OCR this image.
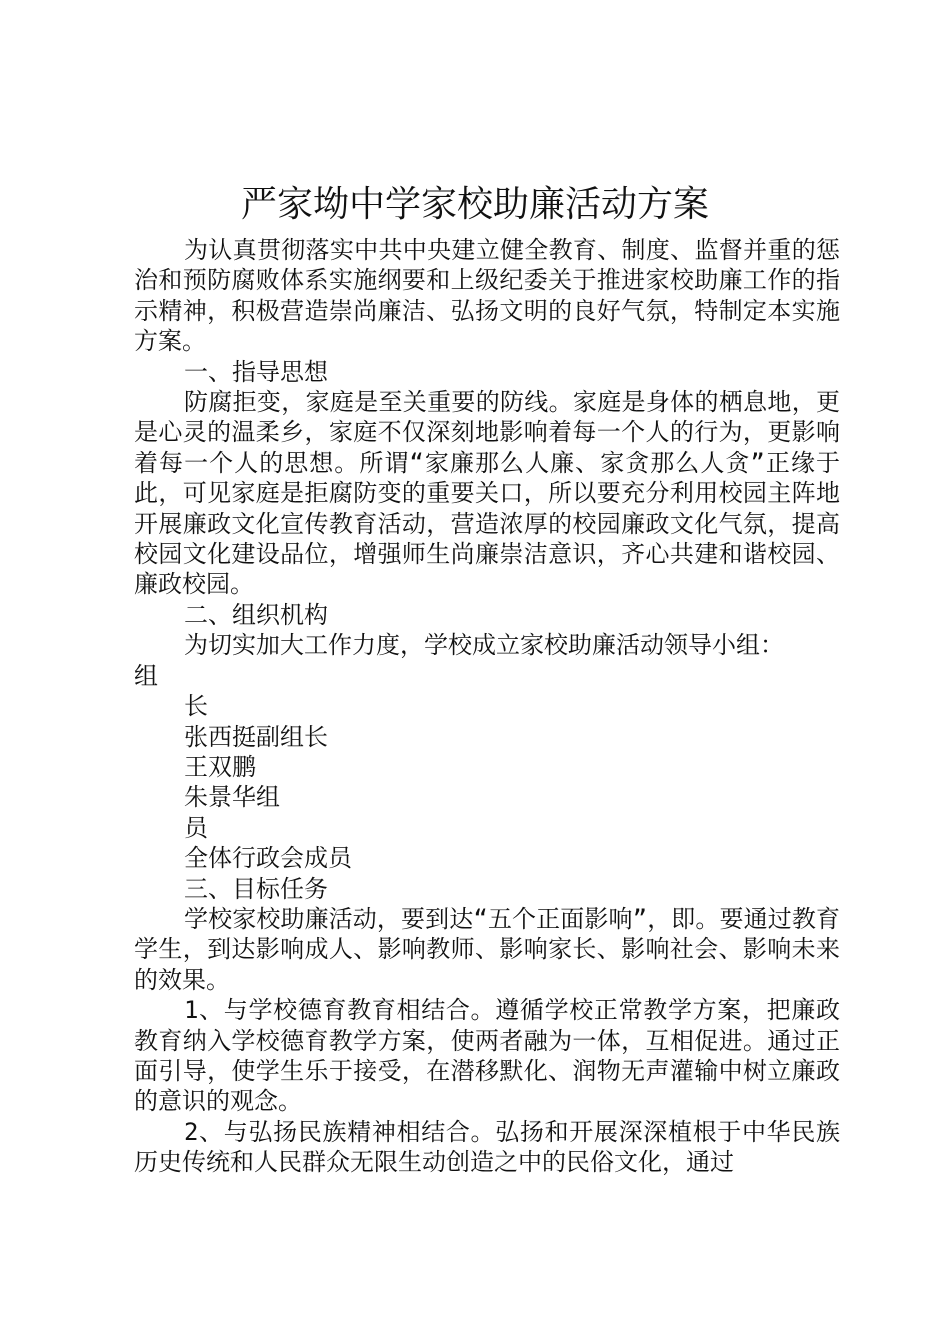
严家坳中学家校助廉活动方案

为认真贯彻落实中共中央建立健全教育、制度、监督并重的惩治和预防腐败体系实施纲要和上级纪委关于推进家校助廉工作的指示精神，积极营造崇尚廉洁、弘扬文明的良好气氛，特制定本实施方案。

一、指导思想

防腐拒变，家庭是至关重要的防线。家庭是身体的栖息地，更是心灵的温柔乡，家庭不仅深刻地影响着每一个人的行为，更影响着每一个人的思想。所谓“家廉那么人廉、家贪那么人贪”正缘于此，可见家庭是拒腐防变的重要关口，所以要充分利用校园主阵地开展廉政文化宣传教育活动，营造浓厚的校园廉政文化气氛，提高校园文化建设品位，增强师生尚廉崇洁意识，齐心共建和谐校园、廉政校园。

二、组织机构

为切实加大工作力度，学校成立家校助廉活动领导小组：

组

长

张西挺副组长

王双鹏

朱景华组

员

全体行政会成员

三、目标任务

学校家校助廉活动，要到达“五个正面影响”，即。要通过教育学生，到达影响成人、影响教师、影响家长、影响社会、影响未来的效果。

1、与学校德育教育相结合。遵循学校正常教学方案，把廉政教育纳入学校德育教学方案，使两者融为一体，互相促进。通过正面引导，使学生乐于接受，在潜移默化、润物无声灌输中树立廉政的意识的观念。

2、与弘扬民族精神相结合。弘扬和开展深深植根于中华民族历史传统和人民群众无限生动创造之中的民俗文化，通过
